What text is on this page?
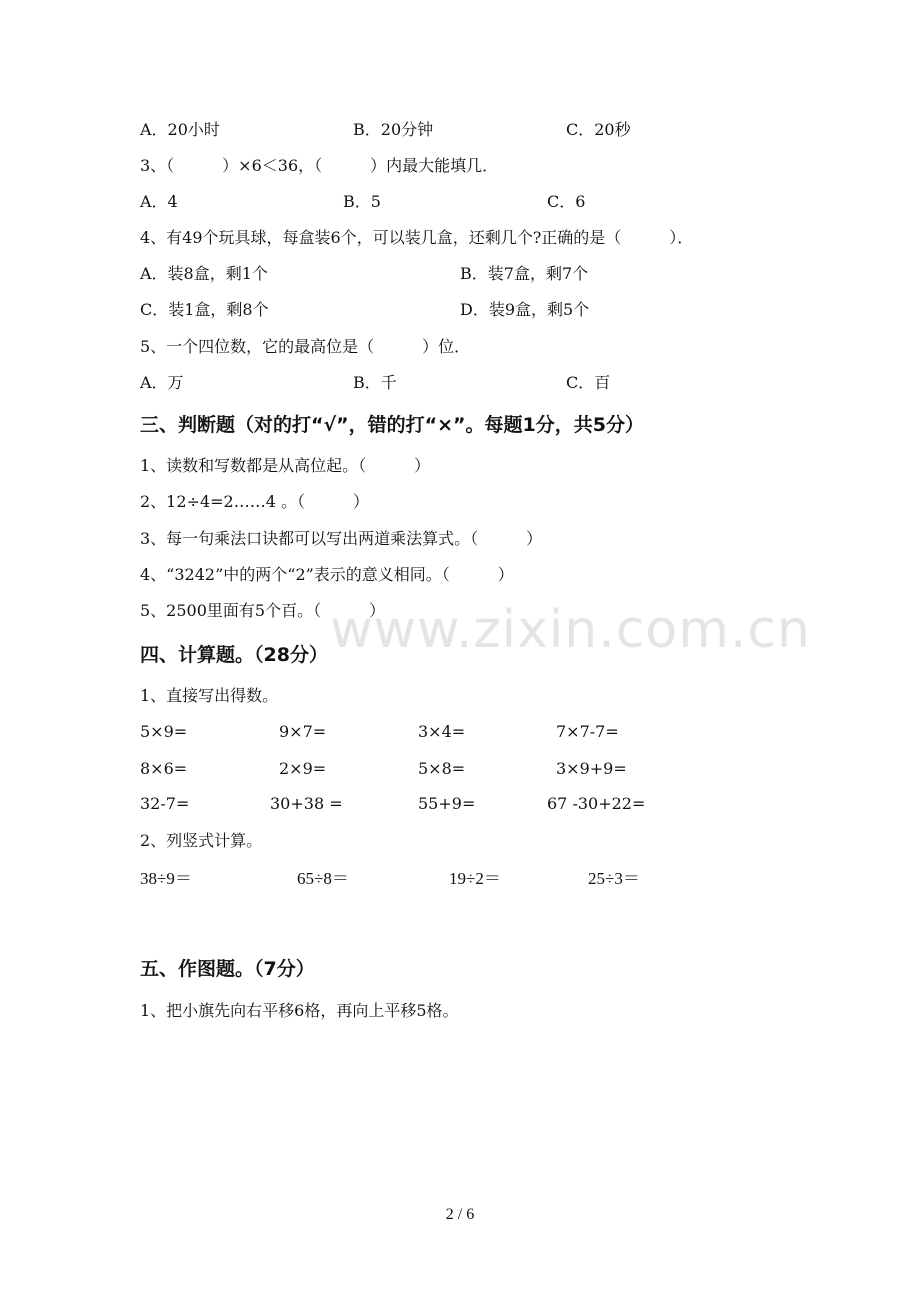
www.zixin.com.cn
A．20小时	B．20分钟	C．20秒
3、（　　　）×6＜36，（　　　）内最大能填几．
A．4	B．5	C．6
4、有49个玩具球，每盒装6个，可以装几盒，还剩几个?正确的是（　　　）．
A．装8盒，剩1个	B．装7盒，剩7个
C．装1盒，剩8个	D．装9盒，剩5个
5、一个四位数，它的最高位是（　　　）位．
A．万	B．千	C．百
三、判断题（对的打“√”，错的打“×”。每题1分，共5分）
1、读数和写数都是从高位起。（　　　）
2、12÷4=2……4 。（　　　）
3、每一句乘法口诀都可以写出两道乘法算式。（　　　）
4、“3242”中的两个“2”表示的意义相同。（　　　）
5、2500里面有5个百。（　　　）
四、计算题。（28分）
1、直接写出得数。
5×9=	9×7=	3×4=	7×7-7=
8×6=	2×9=	5×8=	3×9+9=
32-7=	30+38 =	55+9=	67 -30+22=
2、列竖式计算。
38÷9＝	65÷8＝	19÷2＝	25÷3＝
五、作图题。（7分）
1、把小旗先向右平移6格，再向上平移5格。
2 / 6
